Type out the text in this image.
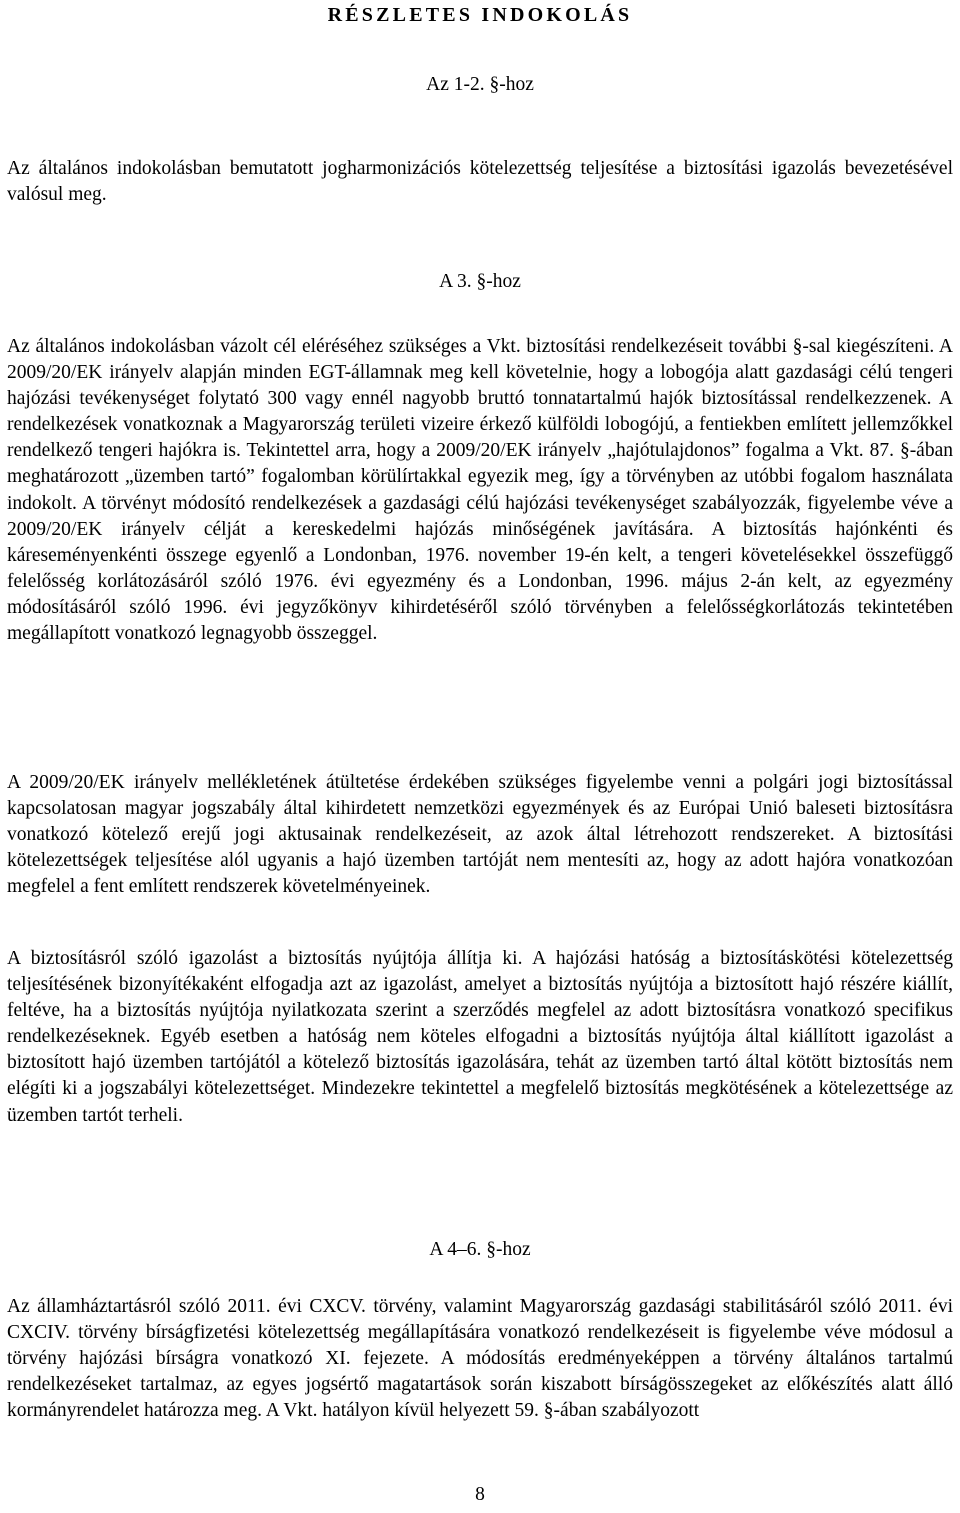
RÉSZLETES INDOKOLÁS
Az 1-2. §-hoz

Az általános indokolásban bemutatott jogharmonizációs kötelezettség teljesítése a biztosítási igazolás bevezetésével valósul meg.

A 3. §-hoz

Az általános indokolásban vázolt cél eléréséhez szükséges a Vkt. biztosítási rendelkezéseit további §-sal kiegészíteni. A 2009/20/EK irányelv alapján minden EGT-államnak meg kell követelnie, hogy a lobogója alatt gazdasági célú tengeri hajózási tevékenységet folytató 300 vagy ennél nagyobb bruttó tonnatartalmú hajók biztosítással rendelkezzenek. A rendelkezések vonatkoznak a Magyarország területi vizeire érkező külföldi lobogójú, a fentiekben említett jellemzőkkel rendelkező tengeri hajókra is. Tekintettel arra, hogy a 2009/20/EK irányelv „hajótulajdonos” fogalma a Vkt. 87. §-ában meghatározott „üzemben tartó” fogalomban körülírtakkal egyezik meg, így a törvényben az utóbbi fogalom használata indokolt. A törvényt módosító rendelkezések a gazdasági célú hajózási tevékenységet szabályozzák, figyelembe véve a 2009/20/EK irányelv célját a kereskedelmi hajózás minőségének javítására. A biztosítás hajónkénti és káreseményenkénti összege egyenlő a Londonban, 1976. november 19-én kelt, a tengeri követelésekkel összefüggő felelősség korlátozásáról szóló 1976. évi egyezmény és a Londonban, 1996. május 2-án kelt, az egyezmény módosításáról szóló 1996. évi jegyzőkönyv kihirdetéséről szóló törvényben a felelősségkorlátozás tekintetében megállapított vonatkozó legnagyobb összeggel.

A 2009/20/EK irányelv mellékletének átültetése érdekében szükséges figyelembe venni a polgári jogi biztosítással kapcsolatosan magyar jogszabály által kihirdetett nemzetközi egyezmények és az Európai Unió baleseti biztosításra vonatkozó kötelező erejű jogi aktusainak rendelkezéseit, az azok által létrehozott rendszereket. A biztosítási kötelezettségek teljesítése alól ugyanis a hajó üzemben tartóját nem mentesíti az, hogy az adott hajóra vonatkozóan megfelel a fent említett rendszerek követelményeinek.

A biztosításról szóló igazolást a biztosítás nyújtója állítja ki. A hajózási hatóság a biztosításkötési kötelezettség teljesítésének bizonyítékaként elfogadja azt az igazolást, amelyet a biztosítás nyújtója a biztosított hajó részére kiállít, feltéve, ha a biztosítás nyújtója nyilatkozata szerint a szerződés megfelel az adott biztosításra vonatkozó specifikus rendelkezéseknek. Egyéb esetben a hatóság nem köteles elfogadni a biztosítás nyújtója által kiállított igazolást a biztosított hajó üzemben tartójától a kötelező biztosítás igazolására, tehát az üzemben tartó által kötött biztosítás nem elégíti ki a jogszabályi kötelezettséget. Mindezekre tekintettel a megfelelő biztosítás megkötésének a kötelezettsége az üzemben tartót terheli.

A 4–6. §-hoz

Az államháztartásról szóló 2011. évi CXCV. törvény, valamint Magyarország gazdasági stabilitásáról szóló 2011. évi CXCIV. törvény bírságfizetési kötelezettség megállapítására vonatkozó rendelkezéseit is figyelembe véve módosul a törvény hajózási bírságra vonatkozó XI. fejezete. A módosítás eredményeképpen a törvény általános tartalmú rendelkezéseket tartalmaz, az egyes jogsértő magatartások során kiszabott bírságösszegeket az előkészítés alatt álló kormányrendelet határozza meg. A Vkt. hatályon kívül helyezett 59. §-ában szabályozott

8
